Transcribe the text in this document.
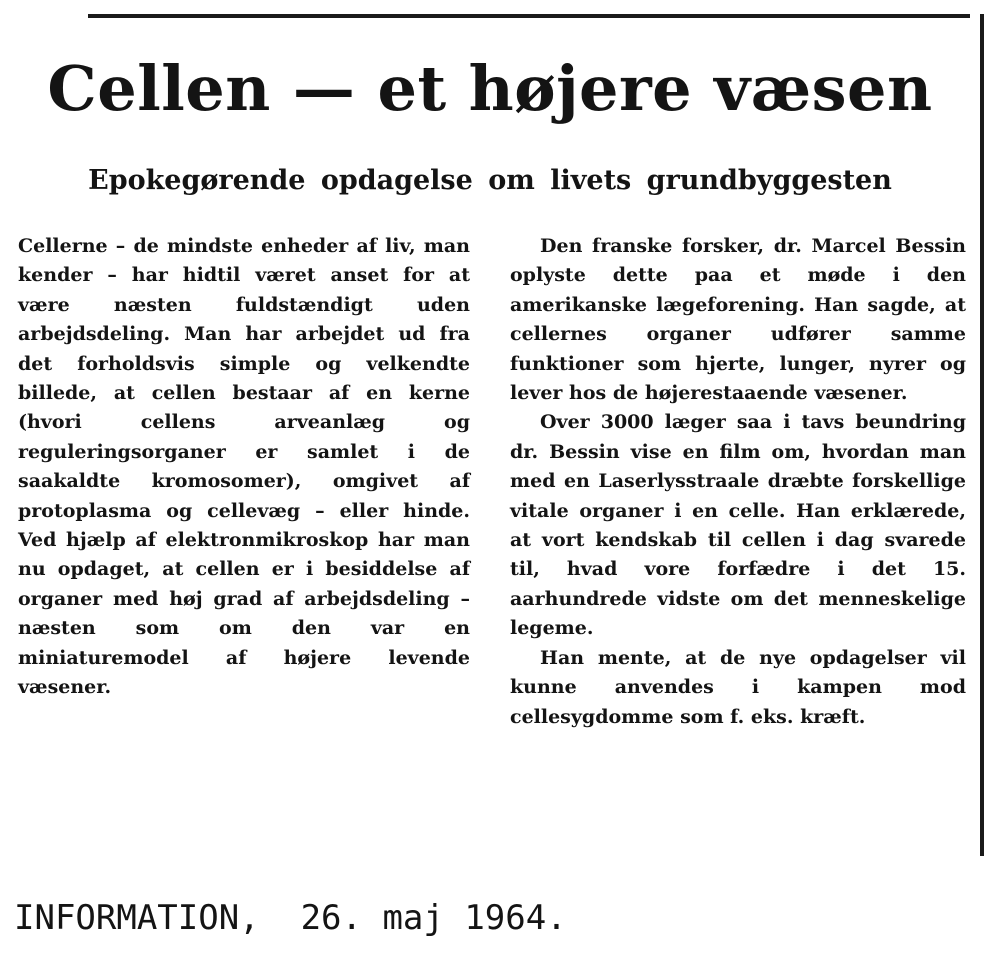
Cellen — et højere væsen
Epokegørende opdagelse om livets grundbyggesten

Cellerne – de mindste enheder af liv, man kender – har hidtil været anset for at være næsten fuldstændigt uden arbejdsdeling. Man har arbejdet ud fra det forholdsvis simple og velkendte billede, at cellen bestaar af en kerne (hvori cellens arveanlæg og reguleringsorganer er samlet i de saakaldte kromosomer), omgivet af protoplasma og cellevæg – eller hinde. Ved hjælp af elektronmikroskop har man nu opdaget, at cellen er i besiddelse af organer med høj grad af arbejdsdeling – næsten som om den var en miniaturemodel af højere levende væsener.

Den franske forsker, dr. Marcel Bessin oplyste dette paa et møde i den amerikanske lægeforening. Han sagde, at cellernes organer udfører samme funktioner som hjerte, lunger, nyrer og lever hos de højerestaaende væsener.

Over 3000 læger saa i tavs beundring dr. Bessin vise en film om, hvordan man med en Laserlysstraale dræbte forskellige vitale organer i en celle. Han erklærede, at vort kendskab til cellen i dag svarede til, hvad vore forfædre i det 15. aarhundrede vidste om det menneskelige legeme.

Han mente, at de nye opdagelser vil kunne anvendes i kampen mod cellesygdomme som f. eks. kræft.

INFORMATION,  26. maj 1964.
